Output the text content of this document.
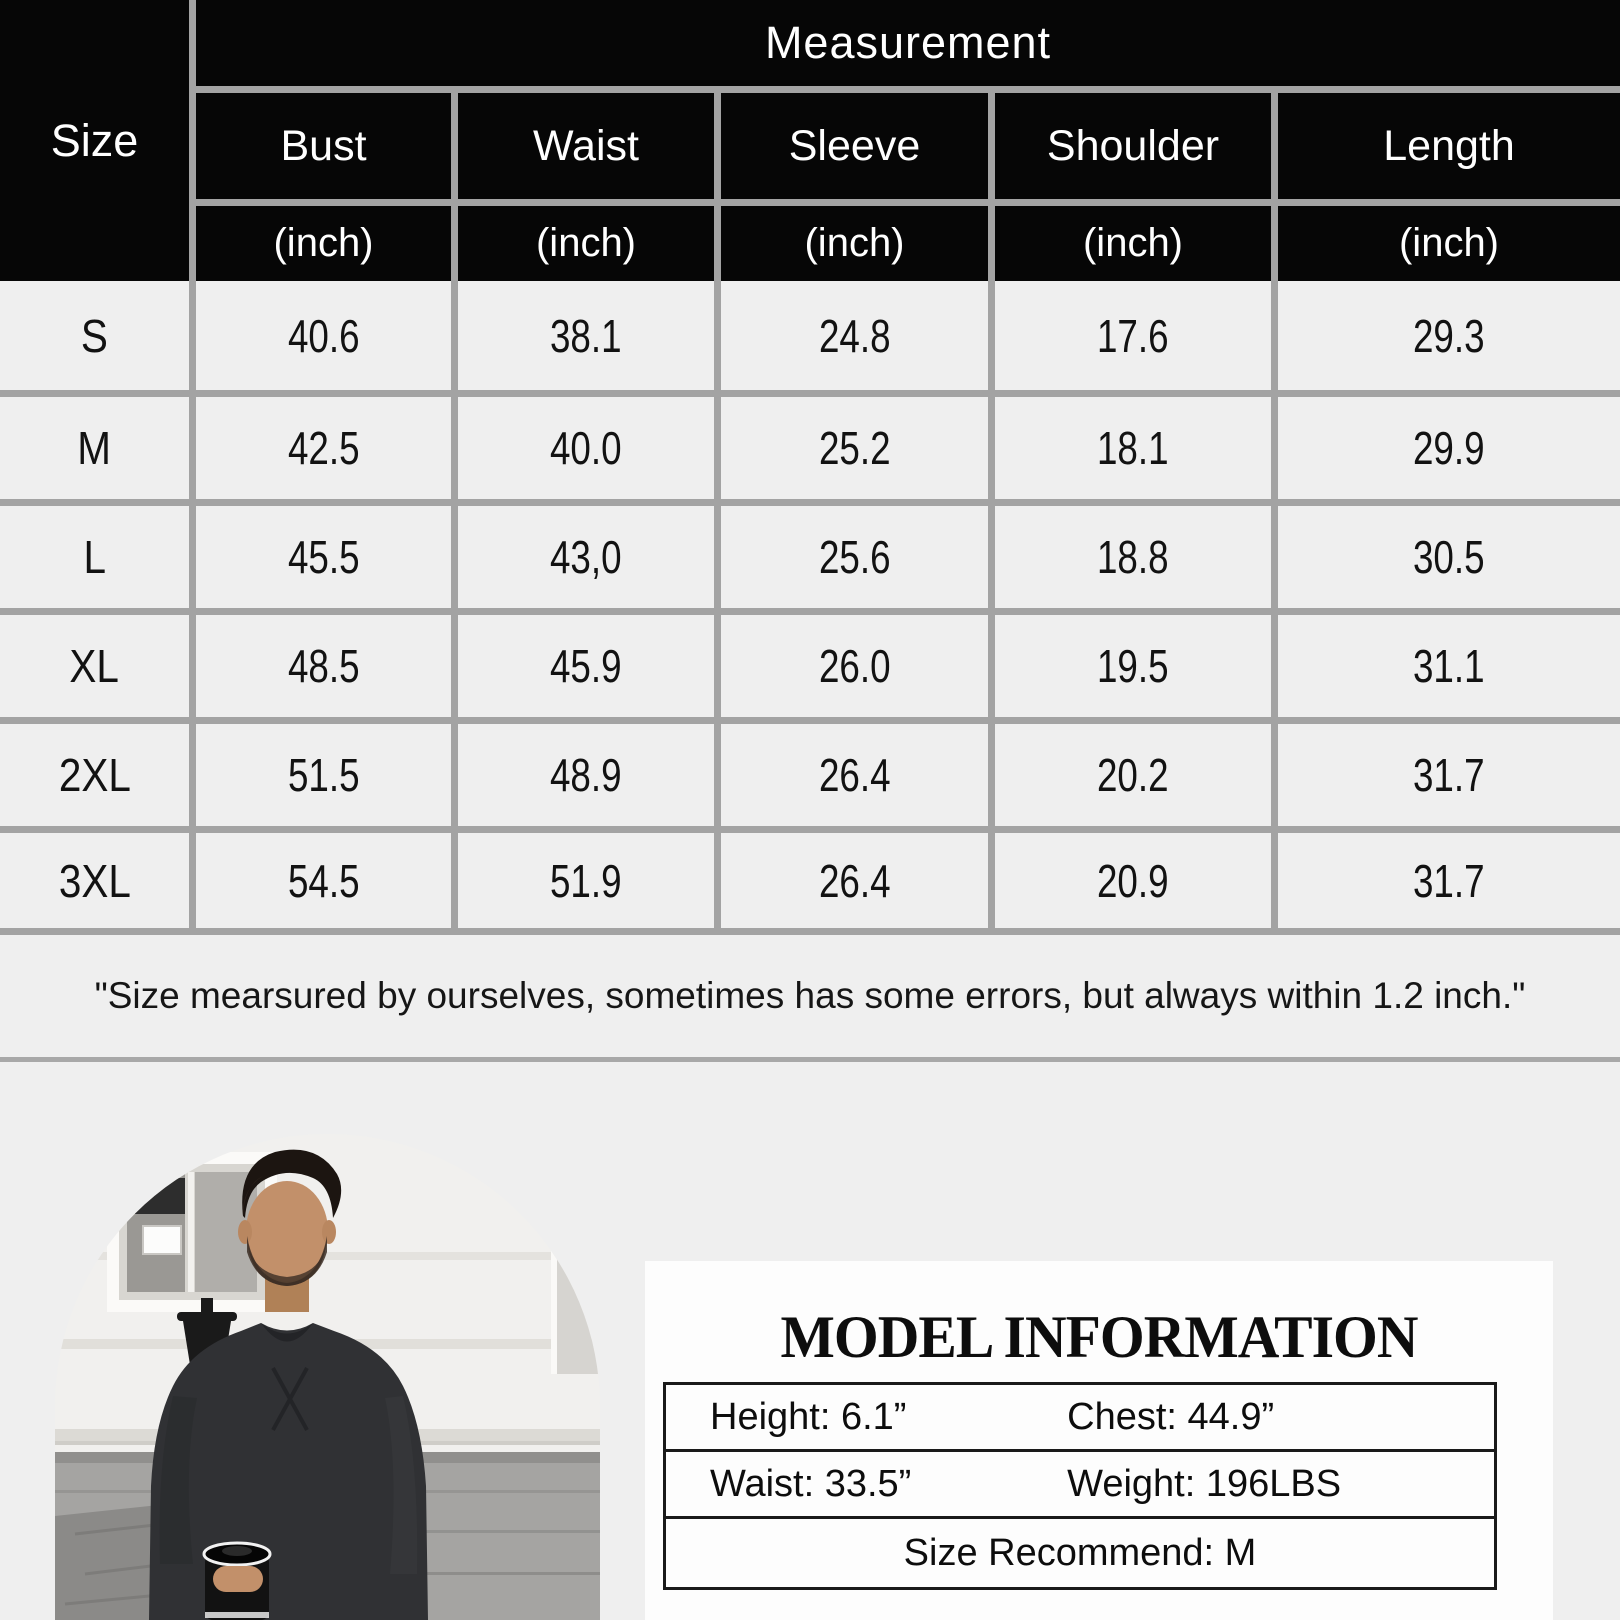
Size
Measurement
Bust	Waist	Sleeve	Shoulder	Length
(inch)	(inch)	(inch)	(inch)	(inch)
S	40.6	38.1	24.8	17.6	29.3
M	42.5	40.0	25.2	18.1	29.9
L	45.5	43,0	25.6	18.8	30.5
XL	48.5	45.9	26.0	19.5	31.1
2XL	51.5	48.9	26.4	20.2	31.7
3XL	54.5	51.9	26.4	20.9	31.7
"Size mearsured by ourselves, sometimes has some errors, but always within 1.2 inch."
MODEL INFORMATION
Height: 6.1”	Chest: 44.9”
Waist: 33.5”	Weight: 196LBS
Size Recommend: M
